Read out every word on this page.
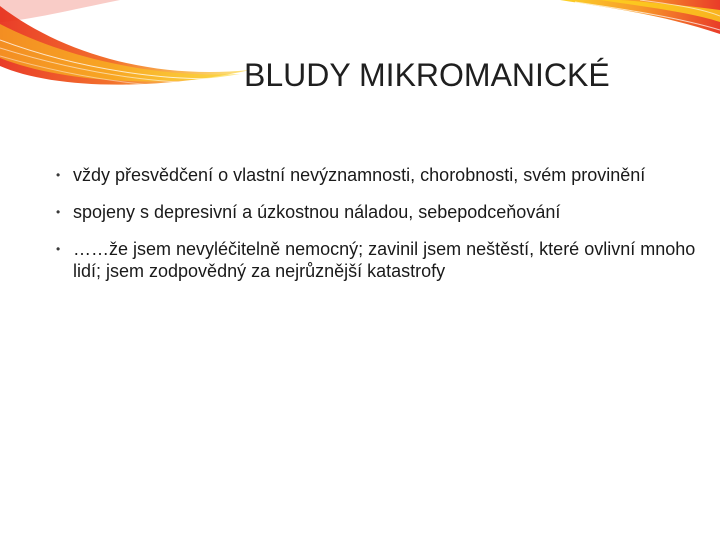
BLUDY MIKROMANICKÉ
• vždy přesvědčení o vlastní nevýznamnosti, chorobnosti, svém provinění
• spojeny s depresivní a úzkostnou náladou, sebepodceňování
• ……že jsem nevyléčitelně nemocný; zavinil jsem neštěstí, které ovlivní mnoho lidí; jsem zodpovědný za nejrůznější katastrofy
